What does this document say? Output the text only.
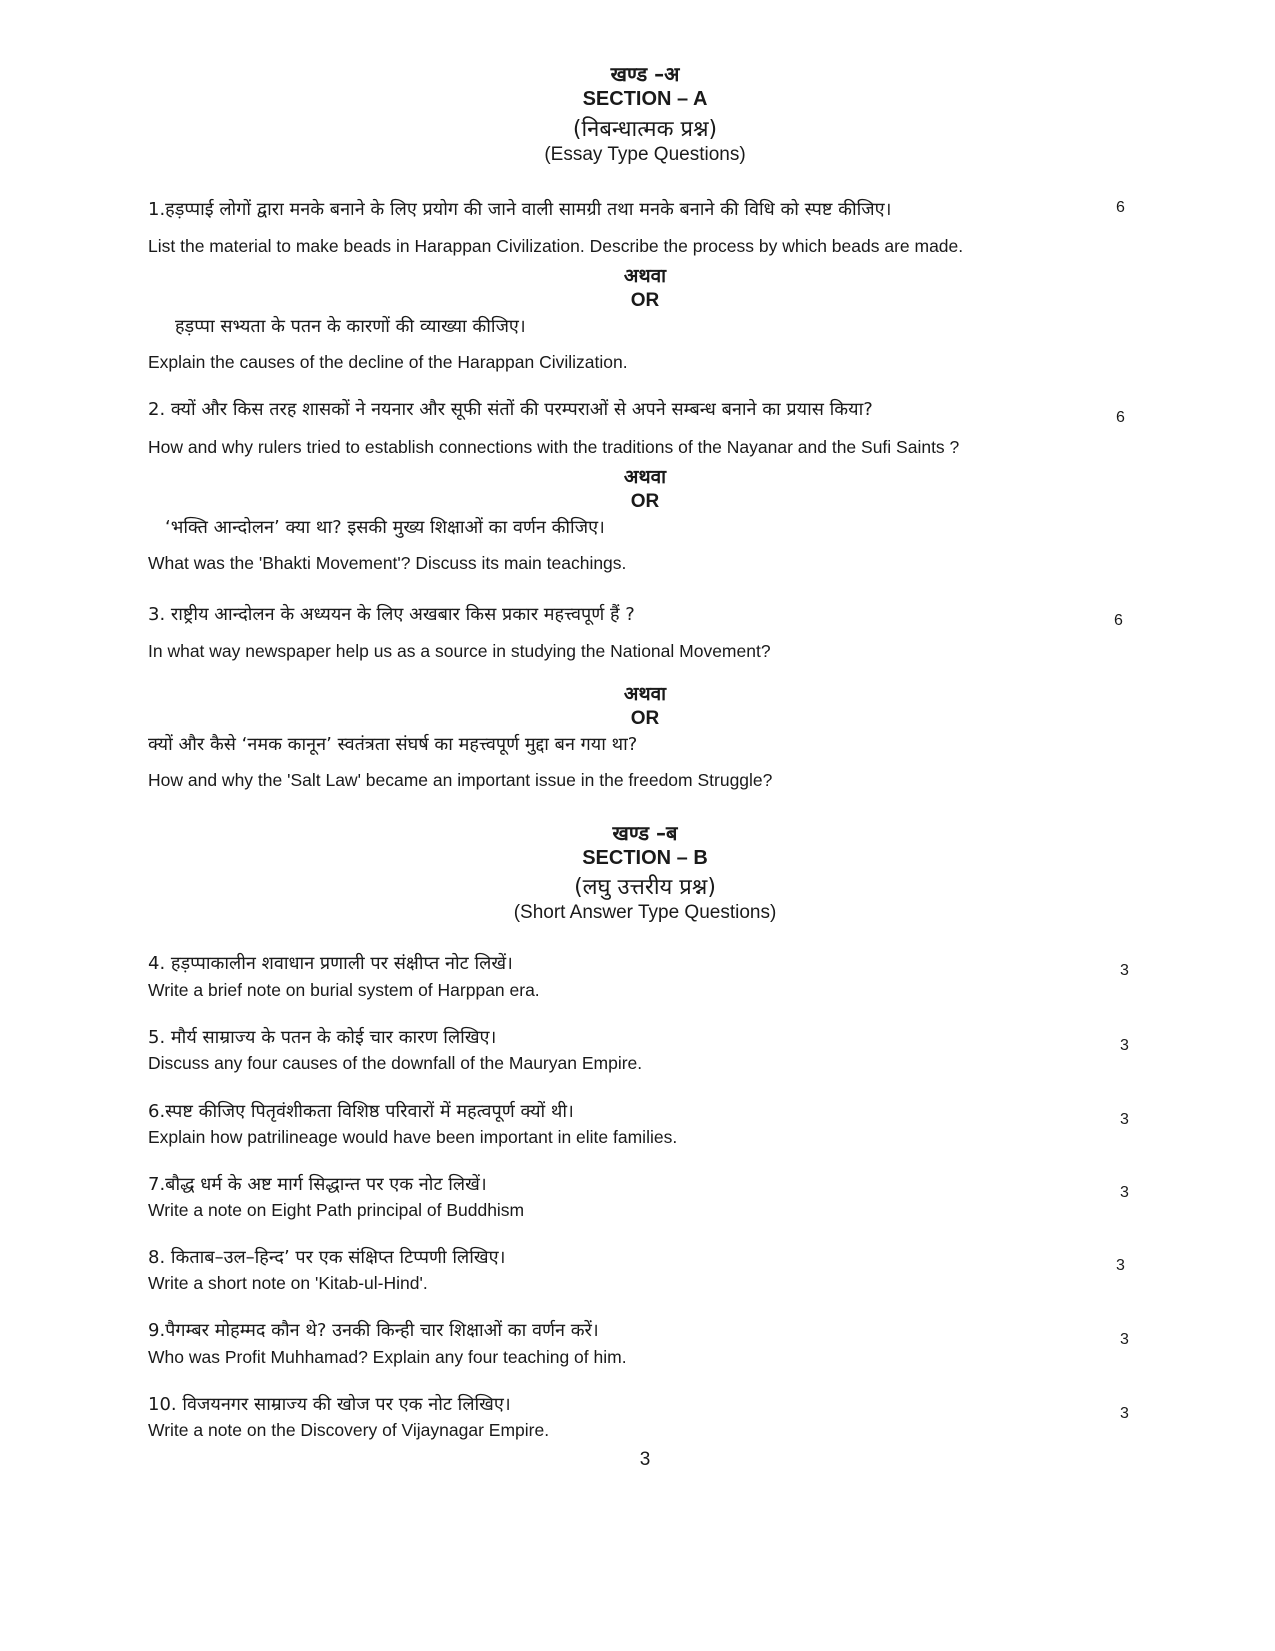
खण्ड –अ
SECTION – A
(निबन्धात्मक प्रश्न)
(Essay Type Questions)
1.हड़प्पाई लोगों द्वारा मनके बनाने के लिए प्रयोग की जाने वाली सामग्री तथा मनके बनाने की विधि को स्पष्ट कीजिए।	6
List the material to make beads in Harappan Civilization. Describe the process by which beads are made.
अथवा
OR
हड़प्पा सभ्यता के पतन के कारणों की व्याख्या कीजिए।
Explain the causes of the decline of the Harappan Civilization.
2. क्यों और किस तरह शासकों ने नयनार और सूफी संतों की परम्पराओं से अपने सम्बन्ध बनाने का प्रयास किया?	6
How and why rulers tried to establish connections with the traditions of the Nayanar and the Sufi Saints ?
अथवा
OR
‘भक्ति आन्दोलन’ क्या था? इसकी मुख्य शिक्षाओं का वर्णन कीजिए।
What was the 'Bhakti Movement'? Discuss its main teachings.
3. राष्ट्रीय आन्दोलन के अध्ययन के लिए अखबार किस प्रकार महत्त्वपूर्ण हैं ?	6
In what way newspaper help us as a source in studying the National Movement?
अथवा
OR
क्यों और कैसे ‘नमक कानून’ स्वतंत्रता संघर्ष का महत्त्वपूर्ण मुद्दा बन गया था?
How and why the 'Salt Law' became an important issue in the freedom Struggle?
खण्ड –ब
SECTION – B
(लघु उत्तरीय प्रश्न)
(Short Answer Type Questions)
4. हड़प्पाकालीन शवाधान प्रणाली पर संक्षीप्त नोट लिखें।	3
Write a brief note on burial system of Harppan era.
5. मौर्य साम्राज्य के पतन के कोई चार कारण लिखिए।	3
Discuss any four causes of the downfall of the Mauryan Empire.
6.स्पष्ट कीजिए पितृवंशीकता विशिष्ठ परिवारों में महत्वपूर्ण क्यों थी।	3
Explain how patrilineage would have been important in elite families.
7.बौद्ध धर्म के अष्ट मार्ग सिद्धान्त पर एक नोट लिखें।	3
Write a note on Eight Path principal of Buddhism
8. किताब–उल–हिन्द’ पर एक संक्षिप्त टिप्पणी लिखिए।	3
Write a short note on 'Kitab-ul-Hind'.
9.पैगम्बर मोहम्मद कौन थे? उनकी किन्ही चार शिक्षाओं का वर्णन करें।	3
Who was Profit Muhhamad? Explain any four teaching of him.
10. विजयनगर साम्राज्य की खोज पर एक नोट लिखिए।	3
Write a note on the Discovery of Vijaynagar Empire.
3
